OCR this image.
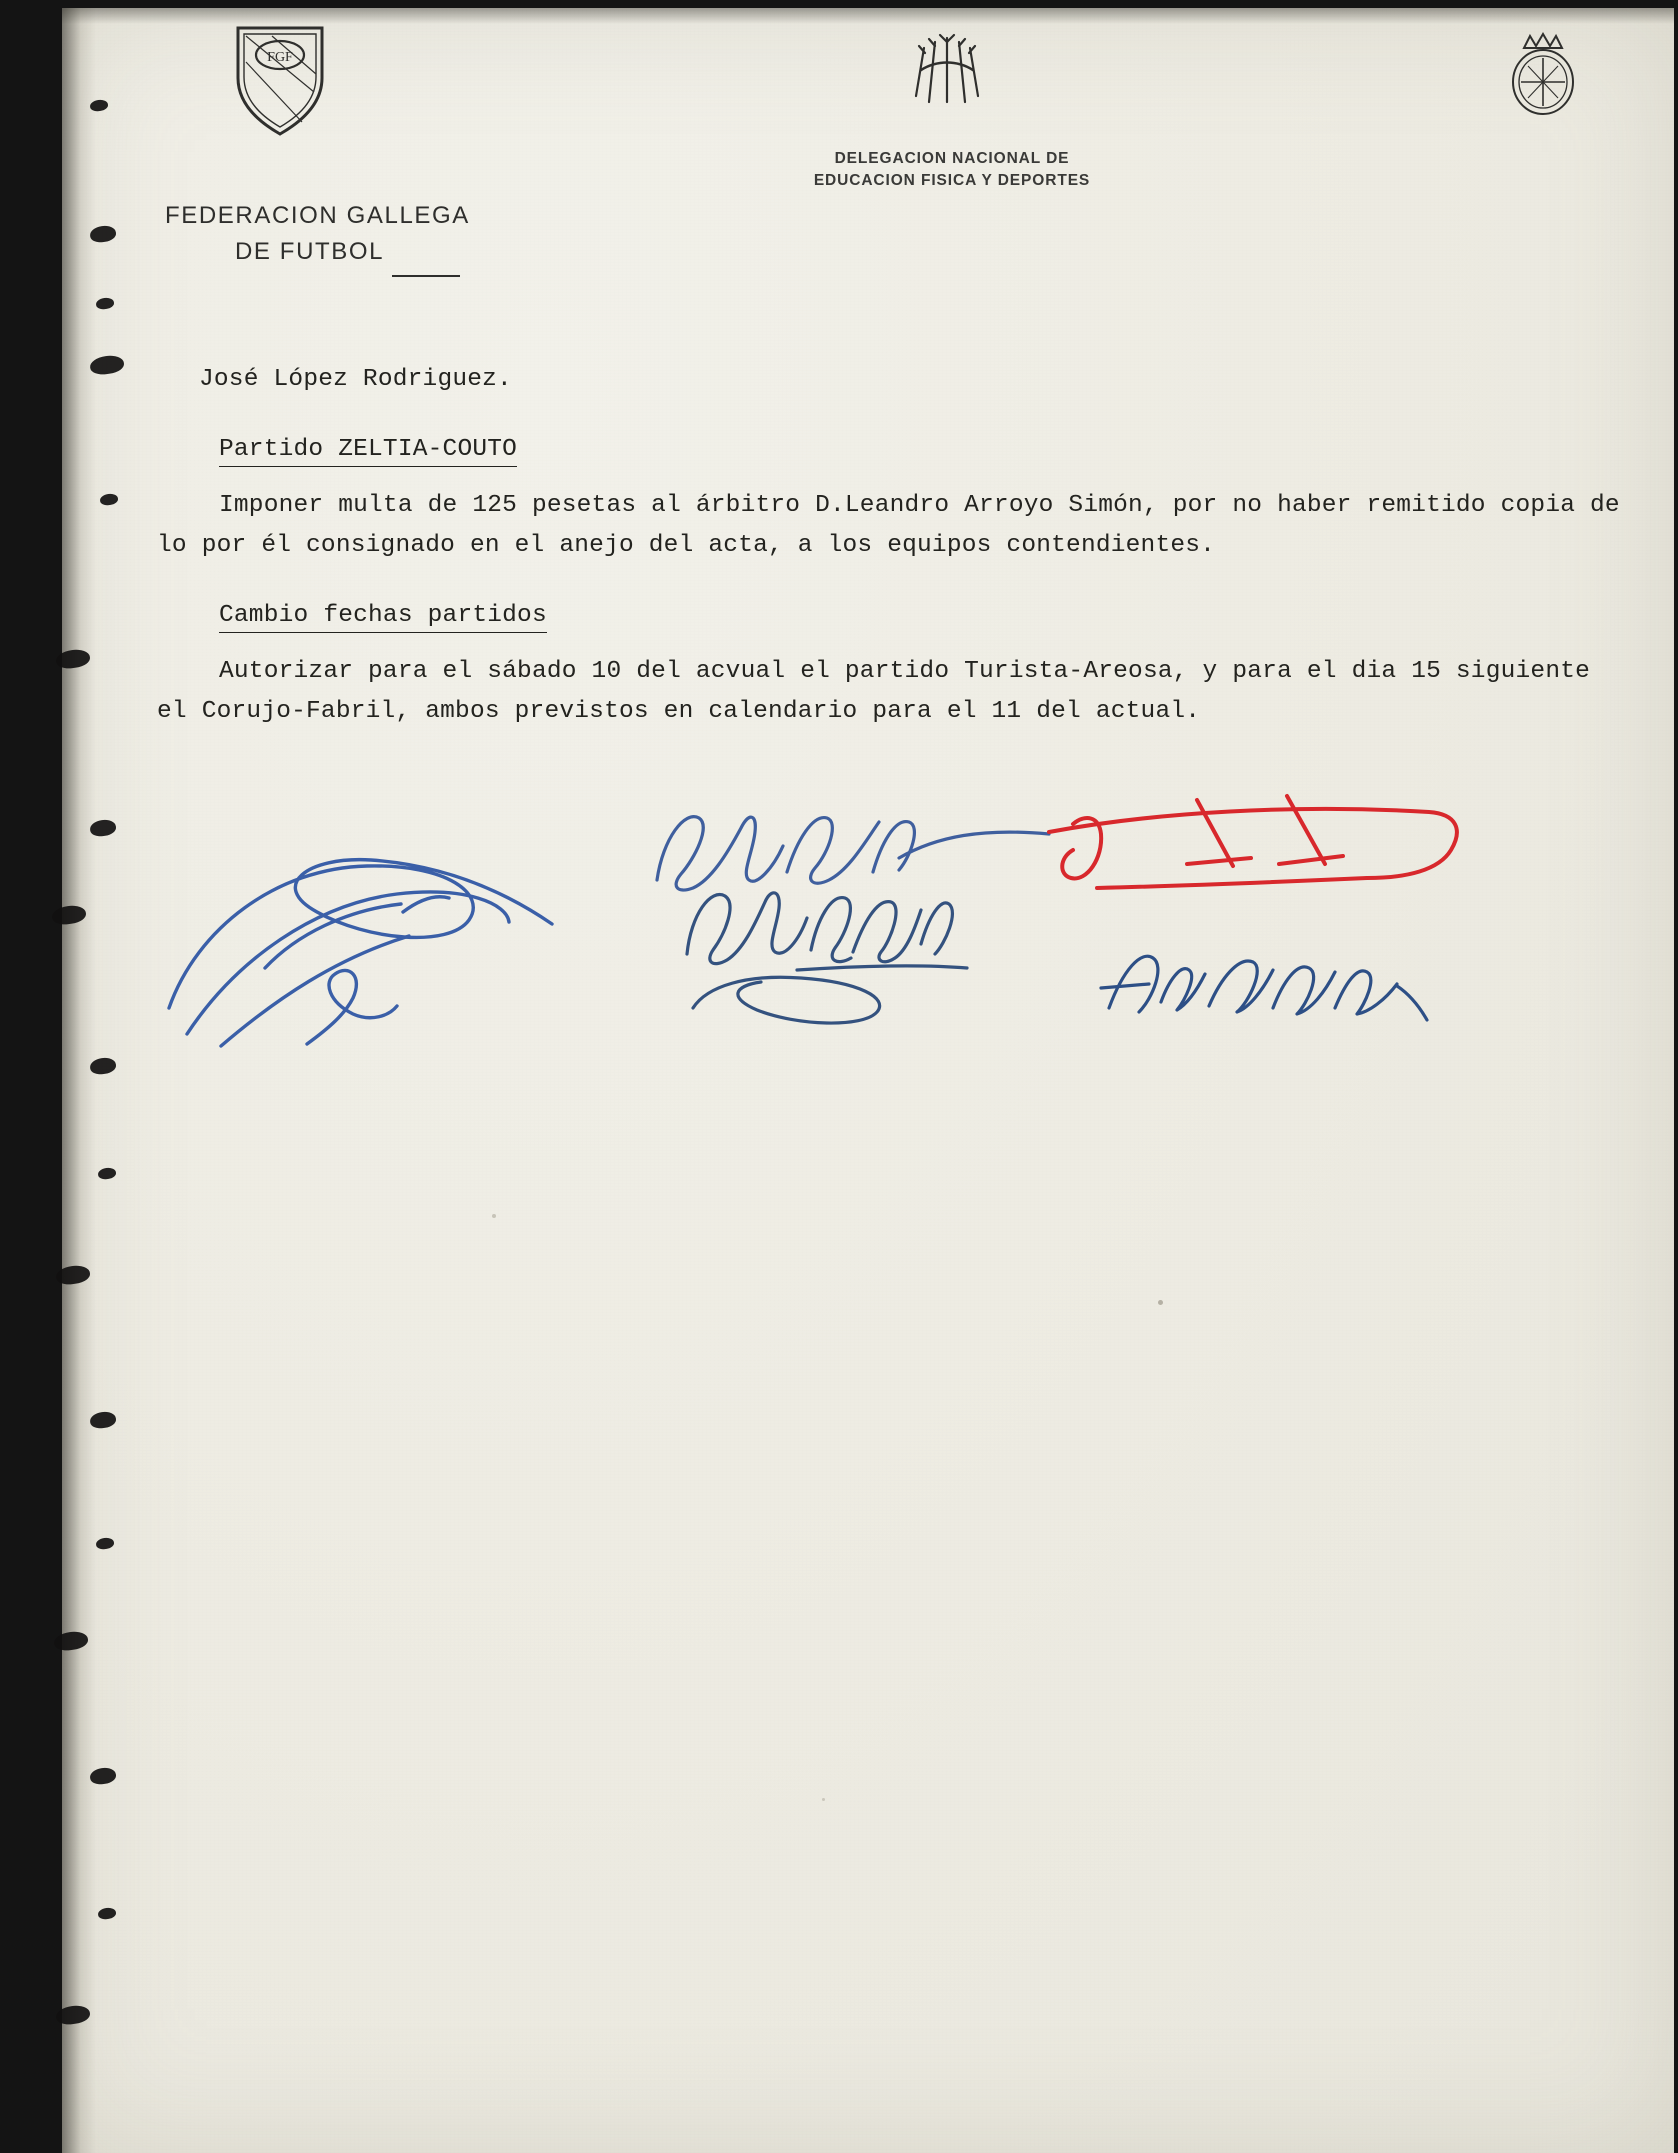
FGF
DELEGACION NACIONAL DE
EDUCACION FISICA Y DEPORTES
FEDERACION GALLEGA
DE FUTBOL
José López Rodriguez.
Partido ZELTIA-COUTO
Imponer multa de 125 pesetas al árbitro D.Leandro Arroyo Simón, por no haber remitido copia de lo por él consignado en el anejo del acta, a los equipos contendientes.
Cambio fechas partidos
Autorizar para el sábado 10 del acvual el partido Turista-Areosa, y para el dia 15 siguiente el Corujo-Fabril, ambos previstos en calendario para el 11 del actual.
